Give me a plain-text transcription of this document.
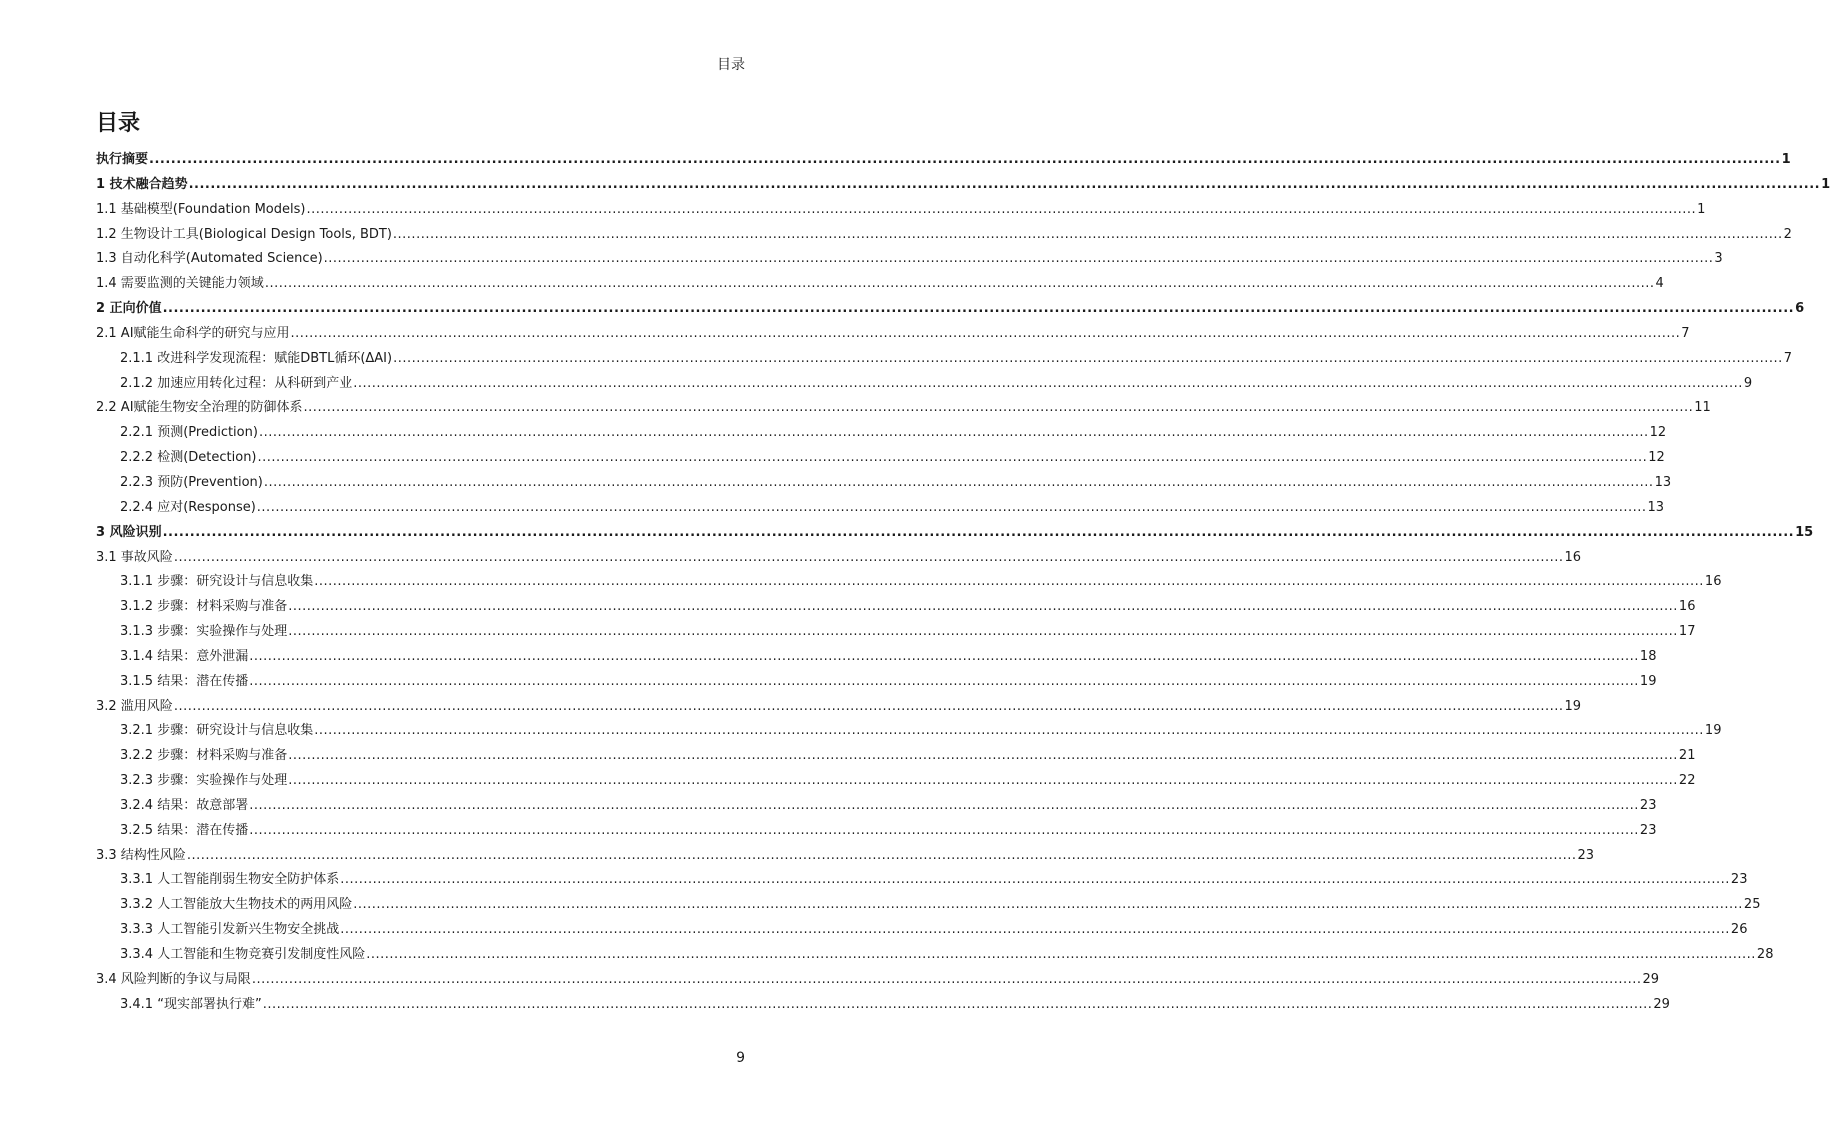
目录
目录
执行摘要 ............................................................................................................................................................................................................................................................................................................ 1
1 技术融合趋势 ............................................................................................................................................................................................................................................................................................................ 1
1.1 基础模型(Foundation Models) ............................................................................................................................................................................................................................................................................................................ 1
1.2 生物设计工具(Biological Design Tools, BDT) ............................................................................................................................................................................................................................................................................................................ 2
1.3 自动化科学(Automated Science) ............................................................................................................................................................................................................................................................................................................ 3
1.4 需要监测的关键能力领域 ............................................................................................................................................................................................................................................................................................................ 4
2 正向价值 ............................................................................................................................................................................................................................................................................................................ 6
2.1 AI赋能生命科学的研究与应用 ............................................................................................................................................................................................................................................................................................................ 7
2.1.1 改进科学发现流程：赋能DBTL循环(ΔAI) ............................................................................................................................................................................................................................................................................................................ 7
2.1.2 加速应用转化过程：从科研到产业 ............................................................................................................................................................................................................................................................................................................ 9
2.2 AI赋能生物安全治理的防御体系 ............................................................................................................................................................................................................................................................................................................ 11
2.2.1 预测(Prediction) ............................................................................................................................................................................................................................................................................................................ 12
2.2.2 检测(Detection) ............................................................................................................................................................................................................................................................................................................ 12
2.2.3 预防(Prevention) ............................................................................................................................................................................................................................................................................................................ 13
2.2.4 应对(Response) ............................................................................................................................................................................................................................................................................................................ 13
3 风险识别 ............................................................................................................................................................................................................................................................................................................ 15
3.1 事故风险 ............................................................................................................................................................................................................................................................................................................ 16
3.1.1 步骤：研究设计与信息收集 ............................................................................................................................................................................................................................................................................................................ 16
3.1.2 步骤：材料采购与准备 ............................................................................................................................................................................................................................................................................................................ 16
3.1.3 步骤：实验操作与处理 ............................................................................................................................................................................................................................................................................................................ 17
3.1.4 结果：意外泄漏 ............................................................................................................................................................................................................................................................................................................ 18
3.1.5 结果：潜在传播 ............................................................................................................................................................................................................................................................................................................ 19
3.2 滥用风险 ............................................................................................................................................................................................................................................................................................................ 19
3.2.1 步骤：研究设计与信息收集 ............................................................................................................................................................................................................................................................................................................ 19
3.2.2 步骤：材料采购与准备 ............................................................................................................................................................................................................................................................................................................ 21
3.2.3 步骤：实验操作与处理 ............................................................................................................................................................................................................................................................................................................ 22
3.2.4 结果：故意部署 ............................................................................................................................................................................................................................................................................................................ 23
3.2.5 结果：潜在传播 ............................................................................................................................................................................................................................................................................................................ 23
3.3 结构性风险 ............................................................................................................................................................................................................................................................................................................ 23
3.3.1 人工智能削弱生物安全防护体系 ............................................................................................................................................................................................................................................................................................................ 23
3.3.2 人工智能放大生物技术的两用风险 ............................................................................................................................................................................................................................................................................................................ 25
3.3.3 人工智能引发新兴生物安全挑战 ............................................................................................................................................................................................................................................................................................................ 26
3.3.4 人工智能和生物竞赛引发制度性风险 ............................................................................................................................................................................................................................................................................................................ 28
3.4 风险判断的争议与局限 ............................................................................................................................................................................................................................................................................................................ 29
3.4.1 “现实部署执行难” ............................................................................................................................................................................................................................................................................................................ 29
9
